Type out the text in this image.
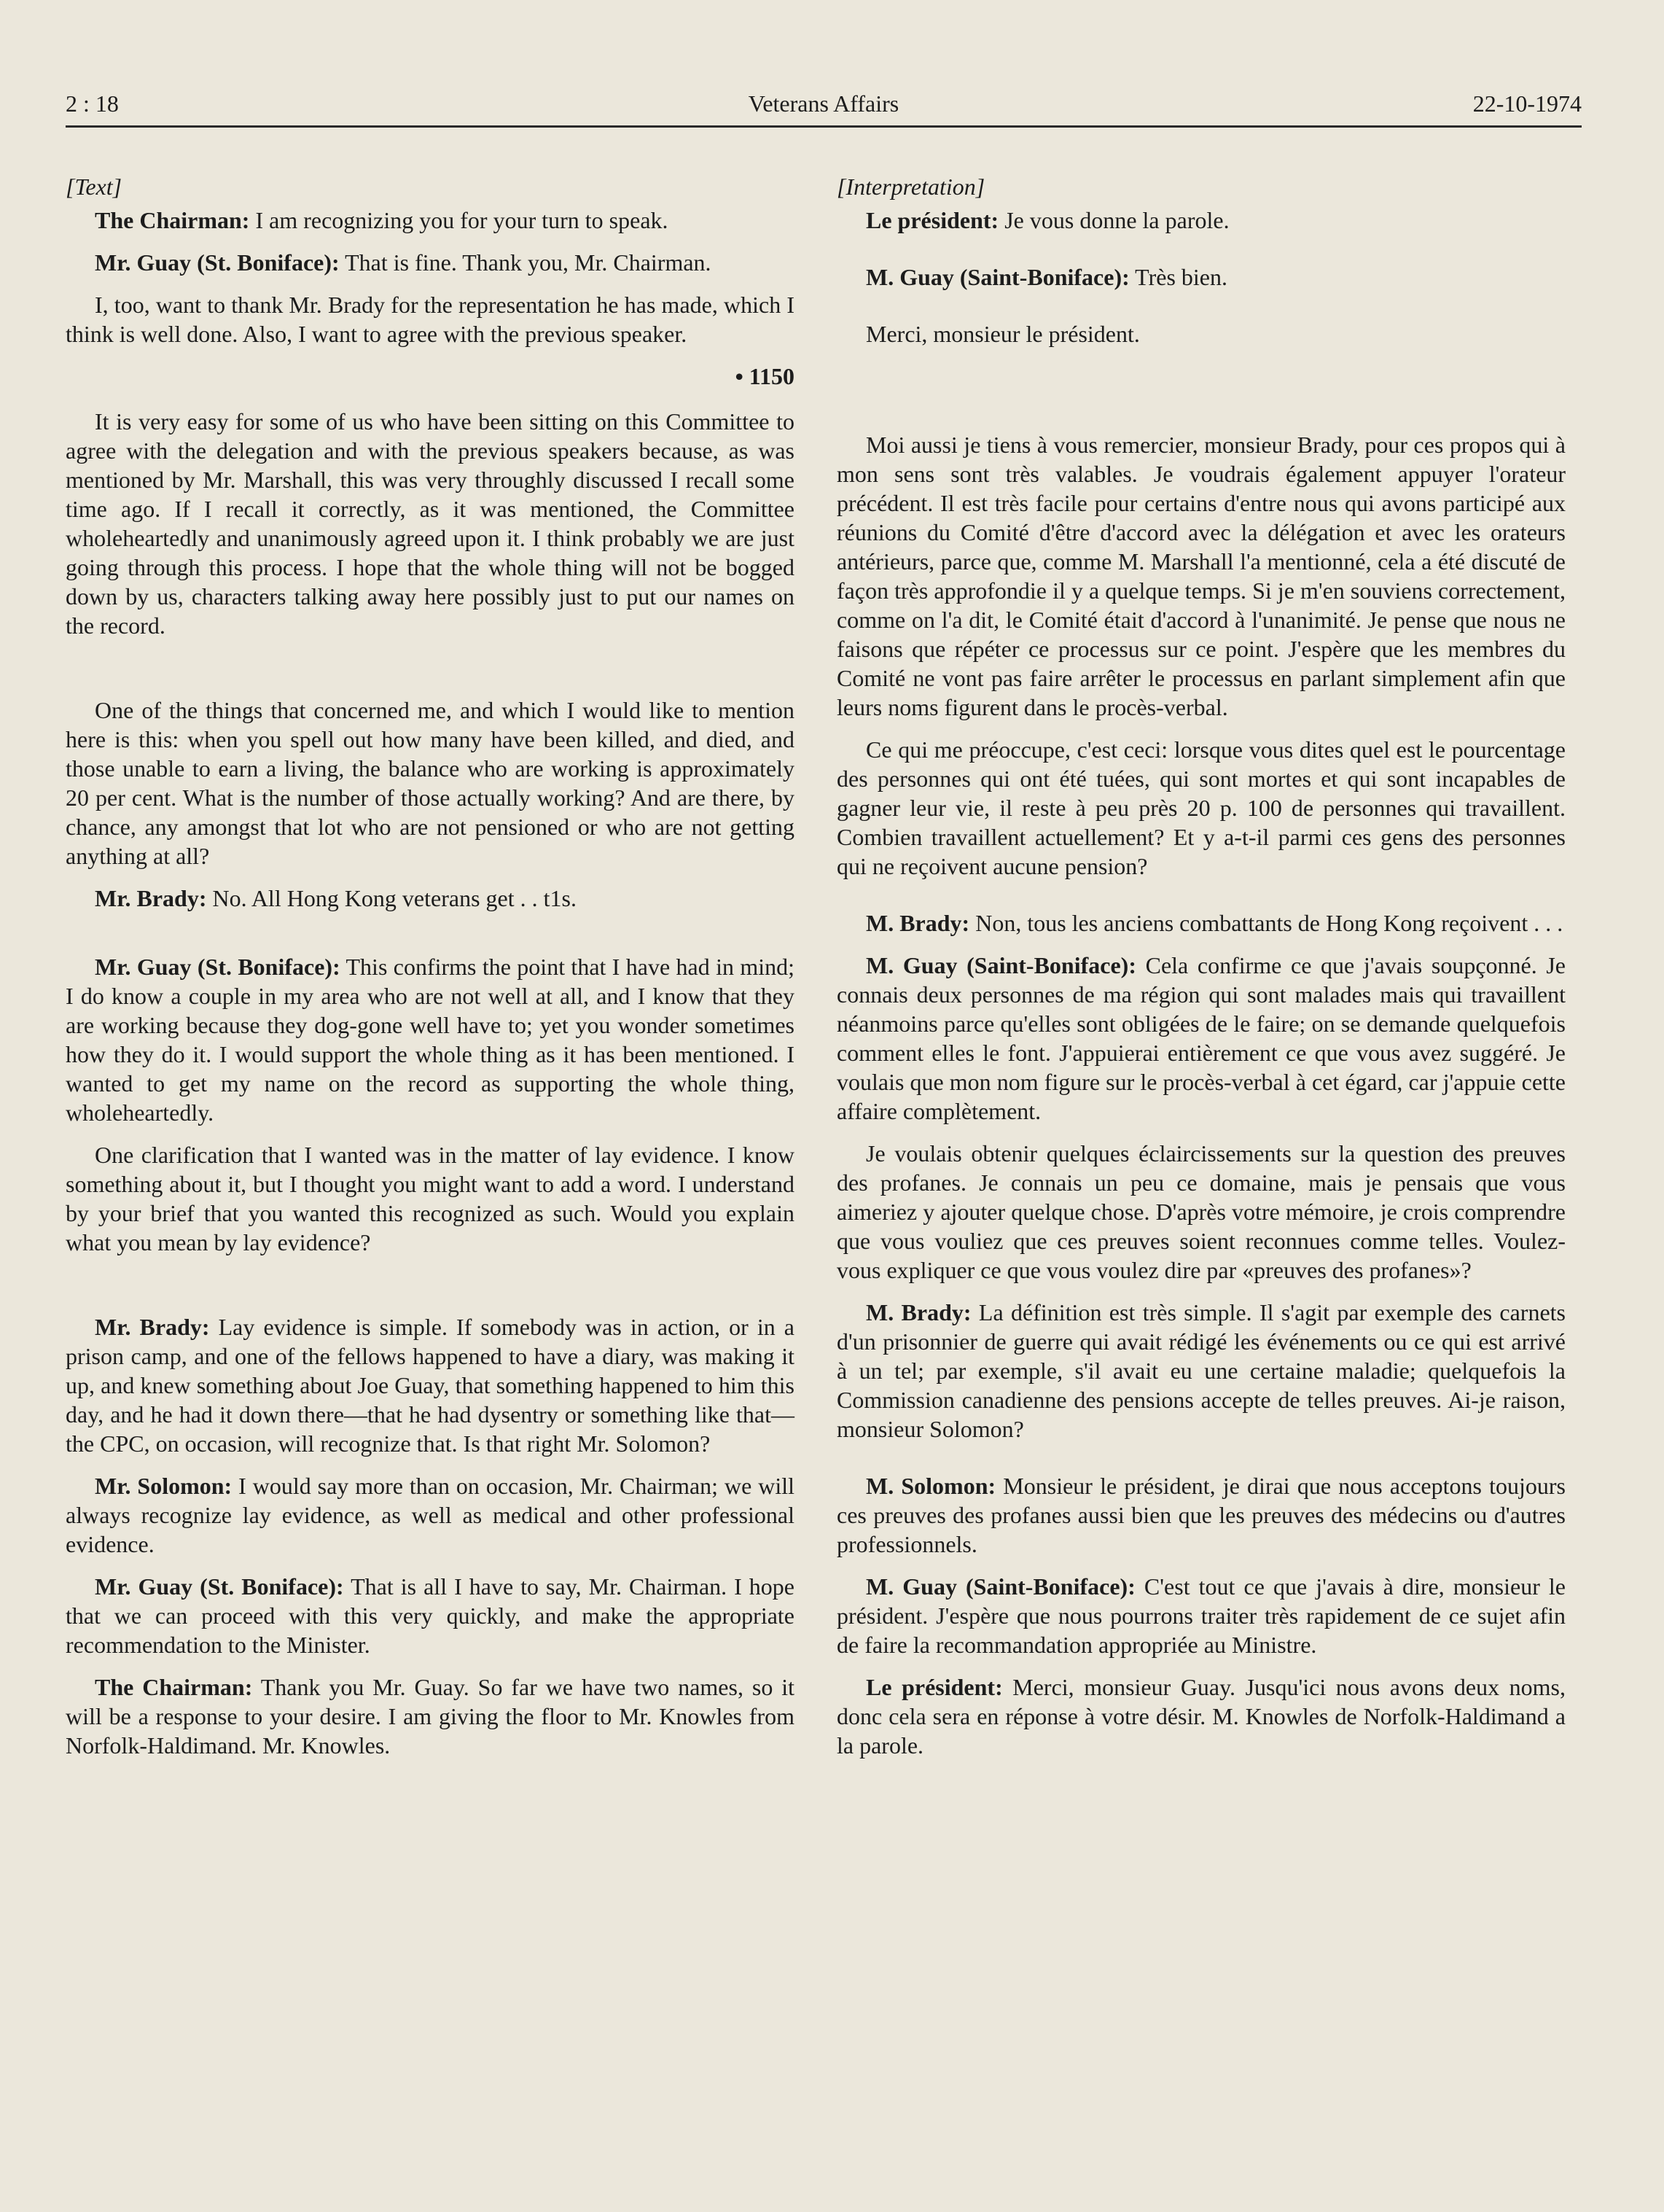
2 : 18	Veterans Affairs	22-10-1974

[Text]

The Chairman: I am recognizing you for your turn to speak.

Mr. Guay (St. Boniface): That is fine. Thank you, Mr. Chairman.

I, too, want to thank Mr. Brady for the representation he has made, which I think is well done. Also, I want to agree with the previous speaker.

• 1150

It is very easy for some of us who have been sitting on this Committee to agree with the delegation and with the previous speakers because, as was mentioned by Mr. Marshall, this was very throughly discussed I recall some time ago. If I recall it correctly, as it was mentioned, the Committee wholeheartedly and unanimously agreed upon it. I think probably we are just going through this process. I hope that the whole thing will not be bogged down by us, characters talking away here possibly just to put our names on the record.

One of the things that concerned me, and which I would like to mention here is this: when you spell out how many have been killed, and died, and those unable to earn a living, the balance who are working is approximately 20 per cent. What is the number of those actually working? And are there, by chance, any amongst that lot who are not pensioned or who are not getting anything at all?

Mr. Brady: No. All Hong Kong veterans get . . t1s.

Mr. Guay (St. Boniface): This confirms the point that I have had in mind; I do know a couple in my area who are not well at all, and I know that they are working because they dog-gone well have to; yet you wonder sometimes how they do it. I would support the whole thing as it has been mentioned. I wanted to get my name on the record as supporting the whole thing, wholeheartedly.

One clarification that I wanted was in the matter of lay evidence. I know something about it, but I thought you might want to add a word. I understand by your brief that you wanted this recognized as such. Would you explain what you mean by lay evidence?

Mr. Brady: Lay evidence is simple. If somebody was in action, or in a prison camp, and one of the fellows happened to have a diary, was making it up, and knew something about Joe Guay, that something happened to him this day, and he had it down there—that he had dysentry or something like that—the CPC, on occasion, will recognize that. Is that right Mr. Solomon?

Mr. Solomon: I would say more than on occasion, Mr. Chairman; we will always recognize lay evidence, as well as medical and other professional evidence.

Mr. Guay (St. Boniface): That is all I have to say, Mr. Chairman. I hope that we can proceed with this very quickly, and make the appropriate recommendation to the Minister.

The Chairman: Thank you Mr. Guay. So far we have two names, so it will be a response to your desire. I am giving the floor to Mr. Knowles from Norfolk-Haldimand. Mr. Knowles.

[Interpretation]

Le président: Je vous donne la parole.

M. Guay (Saint-Boniface): Très bien.

Merci, monsieur le président.

Moi aussi je tiens à vous remercier, monsieur Brady, pour ces propos qui à mon sens sont très valables. Je voudrais également appuyer l'orateur précédent. Il est très facile pour certains d'entre nous qui avons participé aux réunions du Comité d'être d'accord avec la délégation et avec les orateurs antérieurs, parce que, comme M. Marshall l'a mentionné, cela a été discuté de façon très approfondie il y a quelque temps. Si je m'en souviens correctement, comme on l'a dit, le Comité était d'accord à l'unanimité. Je pense que nous ne faisons que répéter ce processus sur ce point. J'espère que les membres du Comité ne vont pas faire arrêter le processus en parlant simplement afin que leurs noms figurent dans le procès-verbal.

Ce qui me préoccupe, c'est ceci: lorsque vous dites quel est le pourcentage des personnes qui ont été tuées, qui sont mortes et qui sont incapables de gagner leur vie, il reste à peu près 20 p. 100 de personnes qui travaillent. Combien travaillent actuellement? Et y a-t-il parmi ces gens des personnes qui ne reçoivent aucune pension?

M. Brady: Non, tous les anciens combattants de Hong Kong reçoivent . . .

M. Guay (Saint-Boniface): Cela confirme ce que j'avais soupçonné. Je connais deux personnes de ma région qui sont malades mais qui travaillent néanmoins parce qu'elles sont obligées de le faire; on se demande quelquefois comment elles le font. J'appuierai entièrement ce que vous avez suggéré. Je voulais que mon nom figure sur le procès-verbal à cet égard, car j'appuie cette affaire complètement.

Je voulais obtenir quelques éclaircissements sur la question des preuves des profanes. Je connais un peu ce domaine, mais je pensais que vous aimeriez y ajouter quelque chose. D'après votre mémoire, je crois comprendre que vous vouliez que ces preuves soient reconnues comme telles. Voulez-vous expliquer ce que vous voulez dire par «preuves des profanes»?

M. Brady: La définition est très simple. Il s'agit par exemple des carnets d'un prisonnier de guerre qui avait rédigé les événements ou ce qui est arrivé à un tel; par exemple, s'il avait eu une certaine maladie; quelquefois la Commission canadienne des pensions accepte de telles preuves. Ai-je raison, monsieur Solomon?

M. Solomon: Monsieur le président, je dirai que nous acceptons toujours ces preuves des profanes aussi bien que les preuves des médecins ou d'autres professionnels.

M. Guay (Saint-Boniface): C'est tout ce que j'avais à dire, monsieur le président. J'espère que nous pourrons traiter très rapidement de ce sujet afin de faire la recommandation appropriée au Ministre.

Le président: Merci, monsieur Guay. Jusqu'ici nous avons deux noms, donc cela sera en réponse à votre désir. M. Knowles de Norfolk-Haldimand a la parole.
